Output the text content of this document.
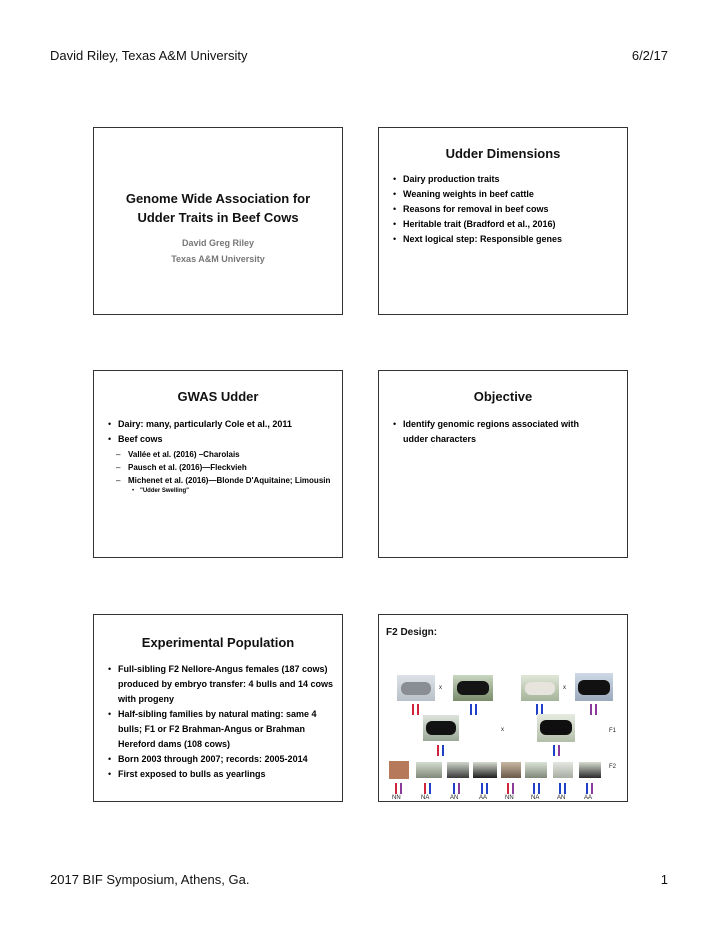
David Riley, Texas A&M University	6/2/17
Genome Wide Association for
Udder Traits in Beef Cows
David Greg Riley
Texas A&M University
Udder Dimensions
• Dairy production traits
• Weaning weights in beef cattle
• Reasons for removal in beef cows
• Heritable trait (Bradford et al., 2016)
• Next logical step: Responsible genes
GWAS Udder
• Dairy: many, particularly Cole et al., 2011
• Beef cows
– Vallée et al. (2016) –Charolais
– Pausch et al. (2016)—Fleckvieh
– Michenet et al. (2016)—Blonde D'Aquitaine; Limousin
• "Udder Swelling"
Objective
• Identify genomic regions associated with udder characters
Experimental Population
• Full-sibling F2 Nellore-Angus females (187 cows) produced by embryo transfer: 4 bulls and 14 cows with progeny
• Half-sibling families by natural mating: same 4 bulls; F1 or F2 Brahman-Angus or Brahman Hereford dams (108 cows)
• Born 2003 through 2007; records: 2005-2014
• First exposed to bulls as yearlings
F2 Design:
x	x
x	F1
F2
NN	NA	AN	AA	NN	NA	AN	AA
2017 BIF Symposium, Athens, Ga.	1
